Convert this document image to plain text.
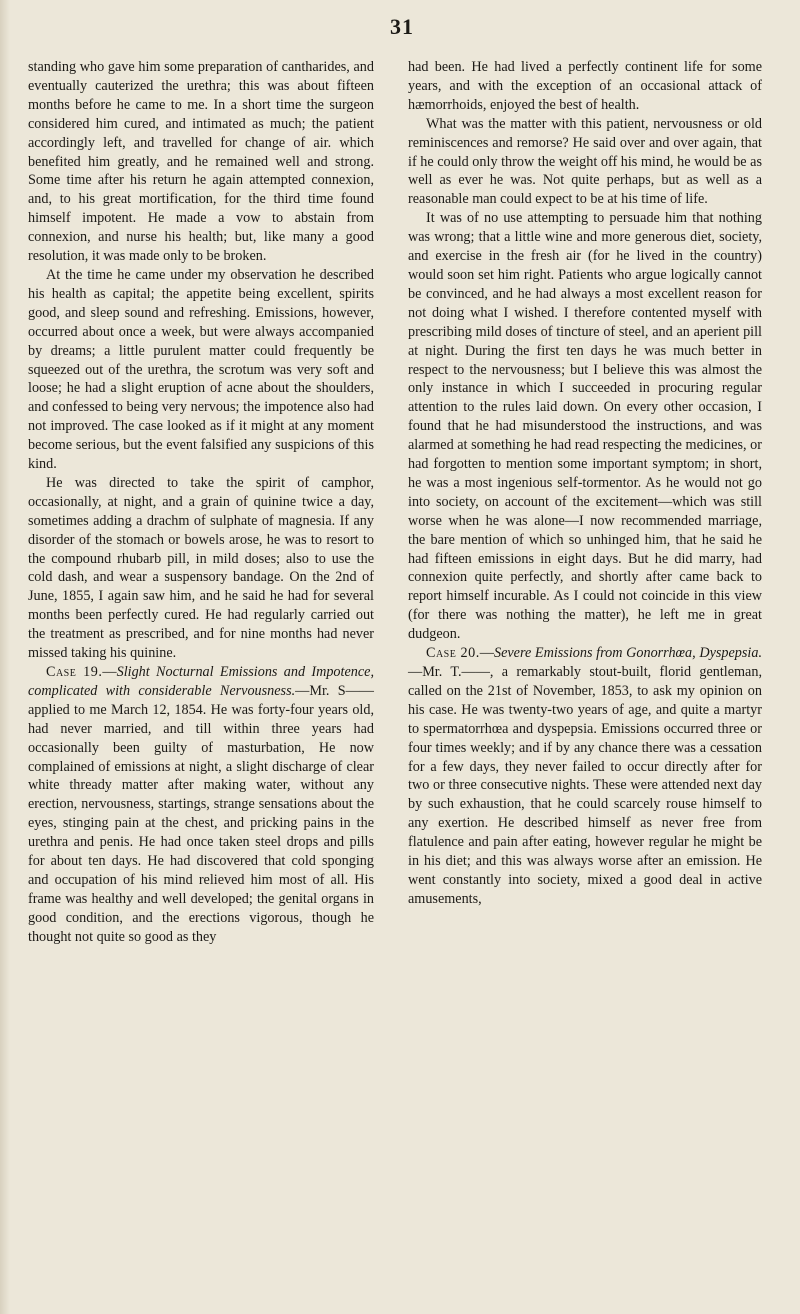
31

standing who gave him some preparation of cantharides, and eventually cauterized the urethra; this was about fifteen months before he came to me. In a short time the surgeon considered him cured, and intimated as much; the patient accordingly left, and travelled for change of air. which benefited him greatly, and he remained well and strong. Some time after his return he again attempted connexion, and, to his great mortification, for the third time found himself impotent. He made a vow to abstain from connexion, and nurse his health; but, like many a good resolution, it was made only to be broken.

At the time he came under my observation he described his health as capital; the appetite being excellent, spirits good, and sleep sound and refreshing. Emissions, however, occurred about once a week, but were always accompanied by dreams; a little purulent matter could frequently be squeezed out of the urethra, the scrotum was very soft and loose; he had a slight eruption of acne about the shoulders, and confessed to being very nervous; the impotence also had not improved. The case looked as if it might at any moment become serious, but the event falsified any suspicions of this kind.

He was directed to take the spirit of camphor, occasionally, at night, and a grain of quinine twice a day, sometimes adding a drachm of sulphate of magnesia. If any disorder of the stomach or bowels arose, he was to resort to the compound rhubarb pill, in mild doses; also to use the cold dash, and wear a suspensory bandage. On the 2nd of June, 1855, I again saw him, and he said he had for several months been perfectly cured. He had regularly carried out the treatment as prescribed, and for nine months had never missed taking his quinine.

Case 19.—Slight Nocturnal Emissions and Impotence, complicated with considerable Nervousness.—Mr. S—— applied to me March 12, 1854. He was forty-four years old, had never married, and till within three years had occasionally been guilty of masturbation, He now complained of emissions at night, a slight discharge of clear white thready matter after making water, without any erection, nervousness, startings, strange sensations about the eyes, stinging pain at the chest, and pricking pains in the urethra and penis. He had once taken steel drops and pills for about ten days. He had discovered that cold sponging and occupation of his mind relieved him most of all. His frame was healthy and well developed; the genital organs in good condition, and the erections vigorous, though he thought not quite so good as they

had been. He had lived a perfectly continent life for some years, and with the exception of an occasional attack of hæmorrhoids, enjoyed the best of health.

What was the matter with this patient, nervousness or old reminiscences and remorse? He said over and over again, that if he could only throw the weight off his mind, he would be as well as ever he was. Not quite perhaps, but as well as a reasonable man could expect to be at his time of life.

It was of no use attempting to persuade him that nothing was wrong; that a little wine and more generous diet, society, and exercise in the fresh air (for he lived in the country) would soon set him right. Patients who argue logically cannot be convinced, and he had always a most excellent reason for not doing what I wished. I therefore contented myself with prescribing mild doses of tincture of steel, and an aperient pill at night. During the first ten days he was much better in respect to the nervousness; but I believe this was almost the only instance in which I succeeded in procuring regular attention to the rules laid down. On every other occasion, I found that he had misunderstood the instructions, and was alarmed at something he had read respecting the medicines, or had forgotten to mention some important symptom; in short, he was a most ingenious self-tormentor. As he would not go into society, on account of the excitement—which was still worse when he was alone—I now recommended marriage, the bare mention of which so unhinged him, that he said he had fifteen emissions in eight days. But he did marry, had connexion quite perfectly, and shortly after came back to report himself incurable. As I could not coincide in this view (for there was nothing the matter), he left me in great dudgeon.

Case 20.—Severe Emissions from Gonorrhœa, Dyspepsia.—Mr. T.——, a remarkably stout-built, florid gentleman, called on the 21st of November, 1853, to ask my opinion on his case. He was twenty-two years of age, and quite a martyr to spermatorrhœa and dyspepsia. Emissions occurred three or four times weekly; and if by any chance there was a cessation for a few days, they never failed to occur directly after for two or three consecutive nights. These were attended next day by such exhaustion, that he could scarcely rouse himself to any exertion. He described himself as never free from flatulence and pain after eating, however regular he might be in his diet; and this was always worse after an emission. He went constantly into society, mixed a good deal in active amusements,
